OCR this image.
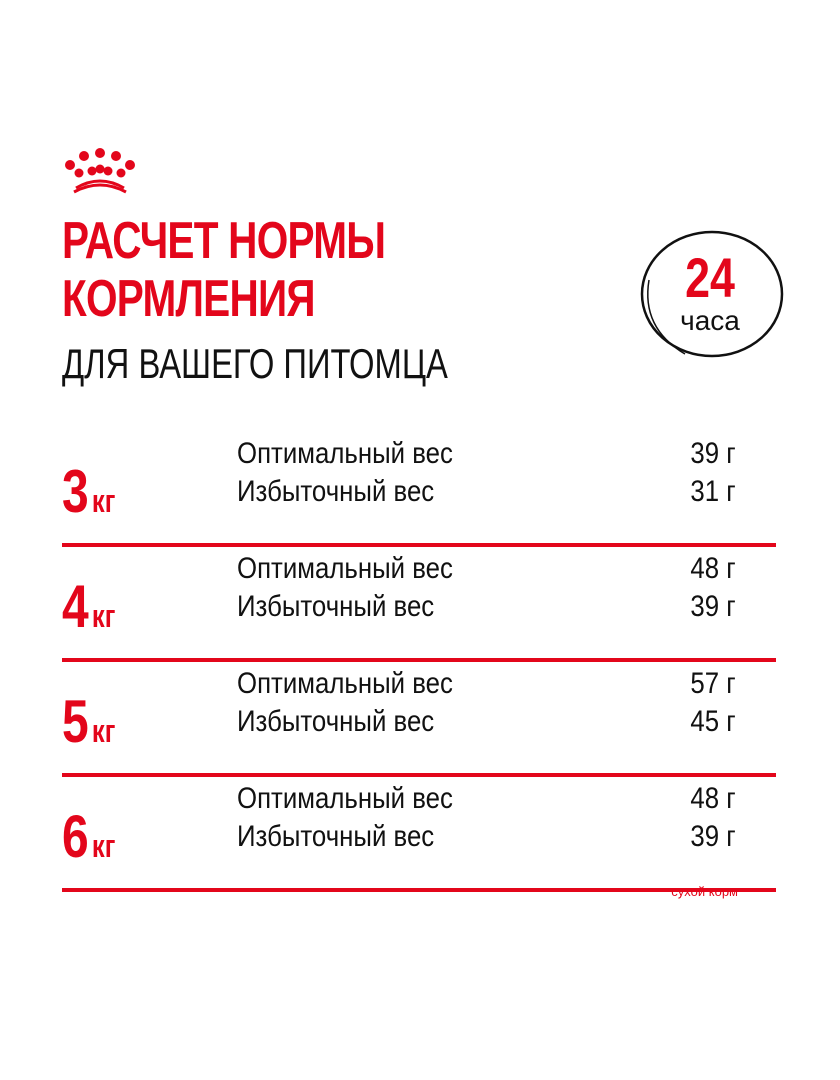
РАСЧЕТ НОРМЫ
КОРМЛЕНИЯ
ДЛЯ ВАШЕГО ПИТОМЦА
24
часа
3 кг
Оптимальный вес	39 г
Избыточный вес	31 г
4 кг
Оптимальный вес	48 г
Избыточный вес	39 г
5 кг
Оптимальный вес	57 г
Избыточный вес	45 г
6 кг
Оптимальный вес	48 г
Избыточный вес	39 г
сухой корм
